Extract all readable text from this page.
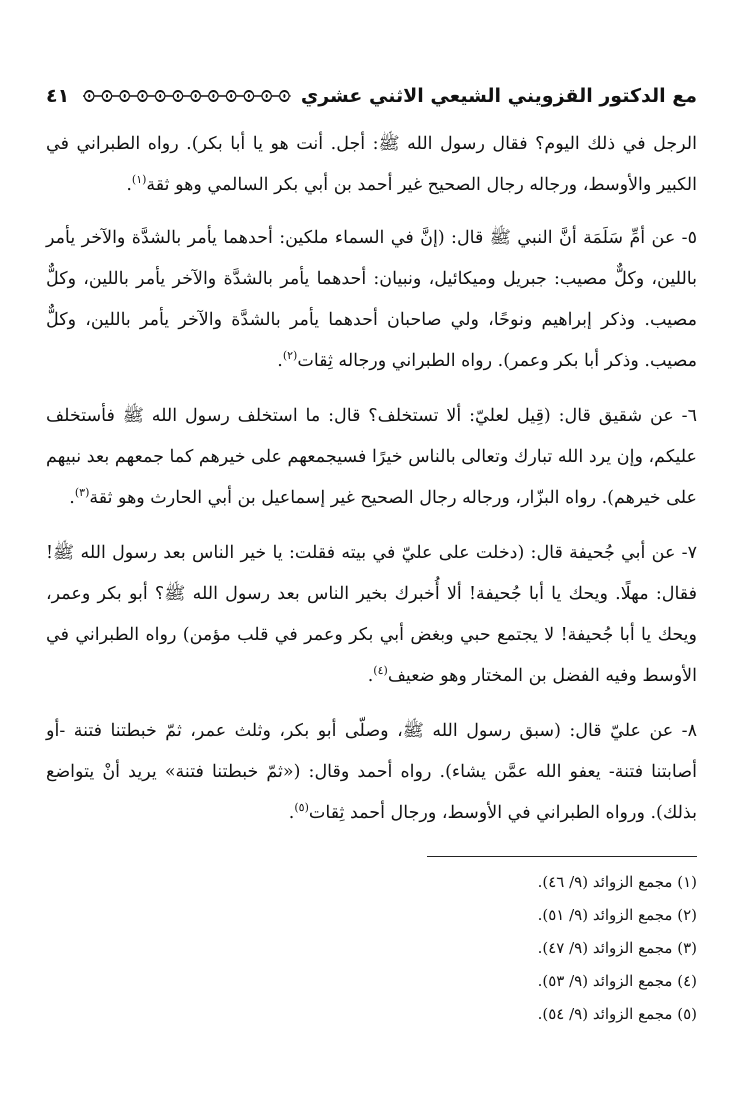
مع الدكتور القزويني الشيعي الاثني عشري
٤١

الرجل في ذلك اليوم؟ فقال رسول الله ﷺ: أجل. أنت هو يا أبا بكر). رواه الطبراني في الكبير والأوسط، ورجاله رجال الصحيح غير أحمد بن أبي بكر السالمي وهو ثقة$^{(١)}$.

٥- عن أمِّ سَلَمَة أنَّ النبي ﷺ قال: (إنَّ في السماء ملكين: أحدهما يأمر بالشدَّة والآخر يأمر باللين، وكلٌّ مصيب: جبريل وميكائيل، ونبيان: أحدهما يأمر بالشدَّة والآخر يأمر باللين، وكلٌّ مصيب. وذكر إبراهيم ونوحًا، ولي صاحبان أحدهما يأمر بالشدَّة والآخر يأمر باللين، وكلٌّ مصيب. وذكر أبا بكر وعمر). رواه الطبراني ورجاله ثِقات$^{(٢)}$.

٦- عن شقيق قال: (قِيل لعليّ: ألا تستخلف؟ قال: ما استخلف رسول الله ﷺ فأستخلف عليكم، وإن يرد الله تبارك وتعالى بالناس خيرًا فسيجمعهم على خيرهم كما جمعهم بعد نبيهم على خيرهم). رواه البزّار، ورجاله رجال الصحيح غير إسماعيل بن أبي الحارث وهو ثقة$^{(٣)}$.

٧- عن أبي جُحيفة قال: (دخلت على عليّ في بيته فقلت: يا خير الناس بعد رسول الله ﷺ! فقال: مهلًا. ويحك يا أبا جُحيفة! ألا أُخبرك بخير الناس بعد رسول الله ﷺ؟ أبو بكر وعمر، ويحك يا أبا جُحيفة! لا يجتمع حبي وبغض أبي بكر وعمر في قلب مؤمن) رواه الطبراني في الأوسط وفيه الفضل بن المختار وهو ضعيف$^{(٤)}$.

٨- عن عليّ قال: (سبق رسول الله ﷺ، وصلّى أبو بكر، وثلث عمر، ثمّ خبطتنا فتنة -أو أصابتنا فتنة- يعفو الله عمَّن يشاء). رواه أحمد وقال: («ثمّ خبطتنا فتنة» يريد أنْ يتواضع بذلك). ورواه الطبراني في الأوسط، ورجال أحمد ثِقات$^{(٥)}$.

(١) مجمع الزوائد (٩/ ٤٦).
(٢) مجمع الزوائد (٩/ ٥١).
(٣) مجمع الزوائد (٩/ ٤٧).
(٤) مجمع الزوائد (٩/ ٥٣).
(٥) مجمع الزوائد (٩/ ٥٤).
